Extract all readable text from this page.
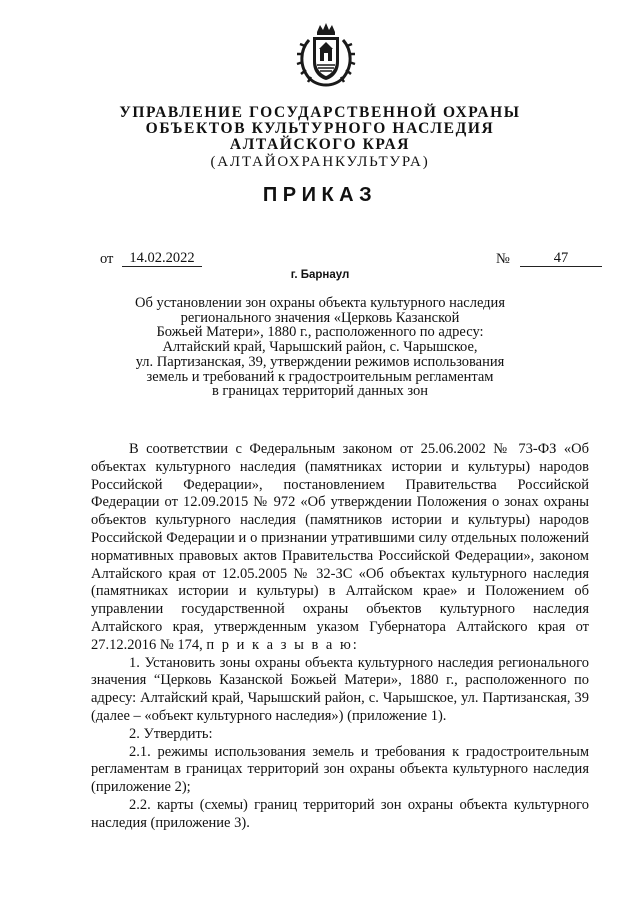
УПРАВЛЕНИЕ ГОСУДАРСТВЕННОЙ ОХРАНЫ
ОБЪЕКТОВ КУЛЬТУРНОГО НАСЛЕДИЯ
АЛТАЙСКОГО КРАЯ
(АЛТАЙОХРАНКУЛЬТУРА)
ПРИКАЗ
от	14.02.2022	№	47
г. Барнаул
Об установлении зон охраны объекта культурного наследия
регионального значения «Церковь Казанской
Божьей Матери», 1880 г., расположенного по адресу:
Алтайский край, Чарышский район, с. Чарышское,
ул. Партизанская, 39, утверждении режимов использования
земель и требований к градостроительным регламентам
в границах территорий данных зон

В соответствии с Федеральным законом от 25.06.2002 № 73-ФЗ «Об объектах культурного наследия (памятниках истории и культуры) народов Российской Федерации», постановлением Правительства Российской Федерации от 12.09.2015 № 972 «Об утверждении Положения о зонах охраны объектов культурного наследия (памятников истории и культуры) народов Российской Федерации и о признании утратившими силу отдельных положений нормативных правовых актов Правительства Российской Федерации», законом Алтайского края от 12.05.2005 № 32-ЗС «Об объектах культурного наследия (памятниках истории и культуры) в Алтайском крае» и Положением об управлении государственной охраны объектов культурного наследия Алтайского края, утвержденным указом Губернатора Алтайского края от 27.12.2016 № 174, п р и к а з ы в а ю:

1. Установить зоны охраны объекта культурного наследия регионального значения “Церковь Казанской Божьей Матери», 1880 г., расположенного по адресу: Алтайский край, Чарышский район, с. Чарышское, ул. Партизанская, 39 (далее – «объект культурного наследия») (приложение 1).

2. Утвердить:

2.1. режимы использования земель и требования к градостроительным регламентам в границах территорий зон охраны объекта культурного наследия (приложение 2);

2.2. карты (схемы) границ территорий зон охраны объекта культурного наследия (приложение 3).
